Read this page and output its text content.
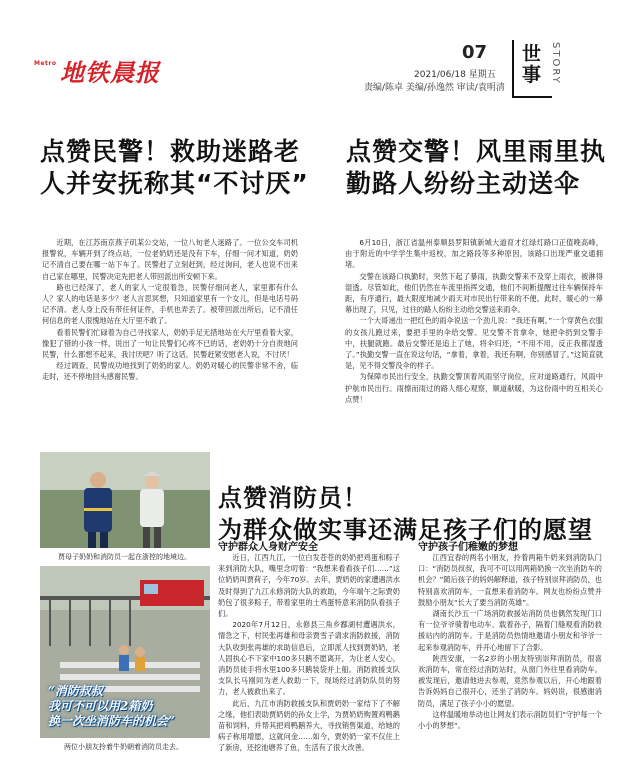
Metro 地铁晨报
07
2021/06/18 星期五
责编/陈卓 美编/孙逸然 审读/袁明清
世事 STORY
点赞民警！救助迷路老人并安抚称其“不讨厌”

近期，在江苏南京燕子矶某公交站，一位八旬老人迷路了。一位公交车司机报警说，车辆开到了终点站，一位老奶奶还是没有下车，仔细一问才知道，奶奶记不清自己要在哪一站下车了。民警赶了立刻赶到，经过询问，老人也说不出来自己家在哪里，民警决定先把老人带回派出所安顿下来。

路也已经深了，老人的家人一定很着急，民警仔细问老人，家里都有什么人？家人的电话是多少？老人言思冥想，只知道家里有一个女儿，但是电话号码记不清。老人身上没有带任何证件，手机也弄丢了。被带回派出所后，记不清任何信息的老人很愧地站在大厅里不敢了。

看着民警们忙碌着为自己寻找家人，奶奶手足无措地站在大厅里看着大家，像犯了错的小孩一样，说出了一句让民警们心疼不已的话，老奶奶十分自责地问民警，什么都想不起来，我讨厌吧？听了这话，民警赶紧安慰老人说，不讨厌！

经过调查，民警成功地找到了奶奶的家人。奶奶对暖心的民警非常不舍，临走时，还不停地回头感谢民警。

点赞交警！风里雨里执勤路人纷纷主动送伞

6月10日，浙江省温州泰顺县罗阳镇新城大道育才红绿灯路口正值晚高峰，由于附近的中学学生集中返校，加之路段等多种原因，该路口出现严重交通拥堵。

交警在该路口执勤时，突然下起了暴雨，执勤交警来不及穿上雨衣，被淋得湿透。尽管如此，他们仍然在车流里指挥交通，他们不间断提醒过往车辆保持车距，有序通行，最大限度地减少雨天对市民出行带来的不便。此时，暖心的一幕幕出现了，只见，过往的路人纷纷主动给交警送来雨伞。

一个大哥递出一把红色的雨伞说送一个劲儿说：“我还有啊。”一个穿黄色衣服的女孩儿跑过来，要把手里的伞给交警。见交警不肯拿伞，她把伞扔到交警手中，扶腿就跑。最后交警还是追上了她，将伞归还，“不用不用，反正我都湿透了。”执勤交警一直在说这句话，“拿着，拿着，我还有啊，你别感冒了。”这简直就是，见不得交警没伞的样子。

为保障市民出行安全，执勤交警顶着风雨坚守岗位，应对道路通行，风雨中护航市民出行。雨擦而雨过的路人细心观察，顺道献暖，为这份雨中的互相关心点赞！

贾母子奶奶和消防员一起在浙控的地境边。
“消防叔叔
我可不可以用2箱奶
换一次坐消防车的机会”
两位小朋友拎着牛奶朝着消防员走去。
点赞消防员！
为群众做实事还满足孩子们的愿望
守护群众人身财产安全

近日，江西九江，一位白发苍苍的奶奶把鸡蛋和粽子来到消防大队，嘴里念叨着：“我想来看看孩子们……”这位奶奶叫贾荷子，今年70岁。去年，贾奶奶的家遭遇洪水及时得到了九江永修消防大队的救助，今年端午之际贾奶奶包了很多粽子，带着家里的土鸡蛋特意来消防队看孩子们。

2020年7月12日，永修县三角乡鄱湖村遭遇洪水，情急之下，村民张再雄和母亲贾雪子请求消防救援，消防大队收到张再雄的求助信息后，立即派人找到贾奶奶，老人固执心不下家中100多只鹅不愿离开，为让老人安心，消防员徒手将水里100多只鹅装袋并上船。消防救援支队支队长马刚同为老人救助一下，现场经过消防队员的努力，老人被救出来了。

此后，九江市消防救援支队和贾奶奶一家结下了不解之缘，他们表助贾奶奶的孙女上学，为贾奶奶购置鸡鸭鹅苗和饲料，并帮其把鸡鸭鹅养大，寻找销售渠道，给她的病子称用增愿，这就问金……如今，贾奶奶一家不仅住上了新房，还挖池塘养了鱼，生活有了很大改善。

守护孩子们稚嫩的梦想

江西宜春的两名小朋友，拎着两箱牛奶来到消防队门口：“消防员叔叔，我可不可以用两箱奶换一次坐消防车的机会？”随后孩子的妈妈解释道，孩子特别崇拜消防员，也特别喜欢消防车，一直想来看消防车。网友也纷纷点赞并鼓励小朋友“长大了要当消防英雄”。

湖南长沙五一广场消防救援站消防员也偶然发现门口有一位爷爷骑着电动车、载着孙子，隔着门缝观看消防救援站内的消防车。于是消防员热情地邀请小朋友和爷爷一起来参观消防车，并开心地留下了合影。

陕西安康，一名2岁的小朋友特别崇拜消防员，很喜欢消防车，常在经过消防站时，从窗门外往里看消防车。被发现后，邀请他进去参观，竟然参观以后，开心地跟着告诉妈妈自己很开心，还坐了消防车。妈妈说，很感谢消防员，满足了孩子小小的愿望。

这样温暖地举动也让网友们表示消防员们“守护每一个小小的梦想”。
